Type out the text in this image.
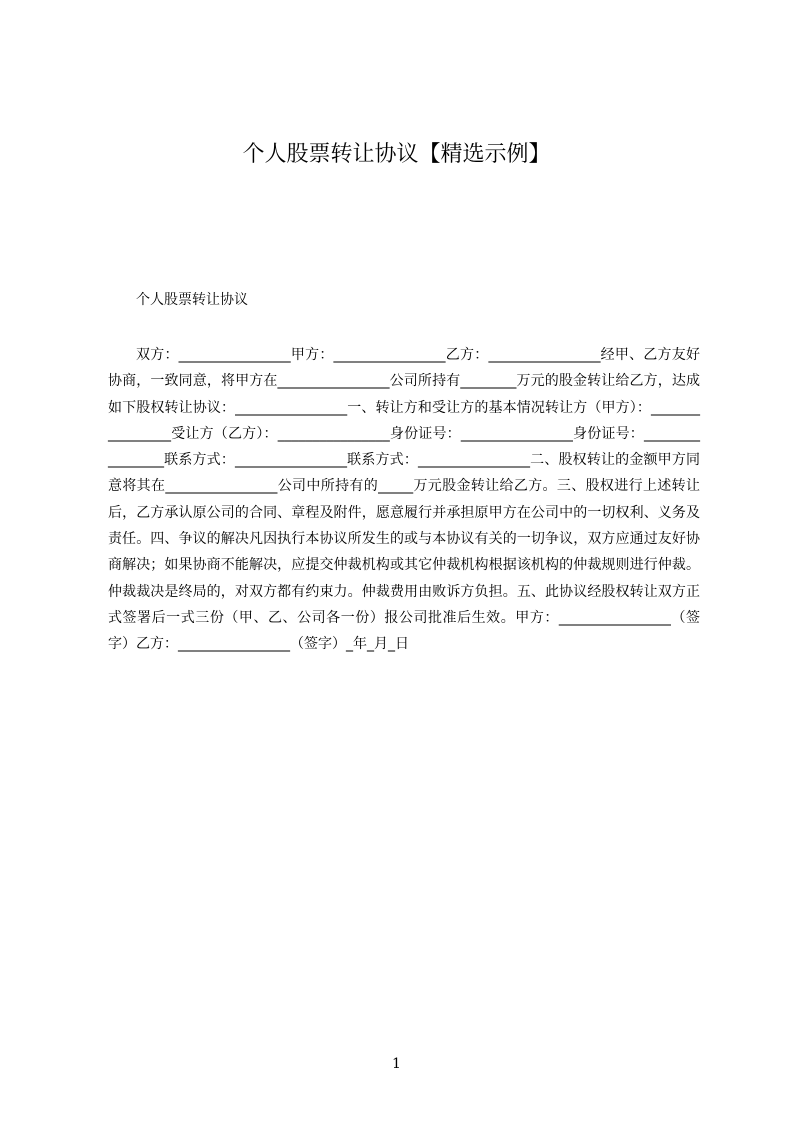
个人股票转让协议【精选示例】

个人股票转让协议

双方：________________甲方：________________乙方：________________经甲、乙方友好协商，一致同意，将甲方在________________公司所持有________万元的股金转让给乙方，达成如下股权转让协议：________________一、转让方和受让方的基本情况转让方（甲方）：________________受让方（乙方）：________________身份证号：________________身份证号：________________联系方式：________________联系方式：________________二、股权转让的金额甲方同意将其在________________公司中所持有的_____万元股金转让给乙方。三、股权进行上述转让后，乙方承认原公司的合同、章程及附件，愿意履行并承担原甲方在公司中的一切权利、义务及责任。四、争议的解决凡因执行本协议所发生的或与本协议有关的一切争议，双方应通过友好协商解决；如果协商不能解决，应提交仲裁机构或其它仲裁机构根据该机构的仲裁规则进行仲裁。仲裁裁决是终局的，对双方都有约束力。仲裁费用由败诉方负担。五、此协议经股权转让双方正式签署后一式三份（甲、乙、公司各一份）报公司批准后生效。甲方：________________（签字）乙方：________________（签字）_年_月_日

1
